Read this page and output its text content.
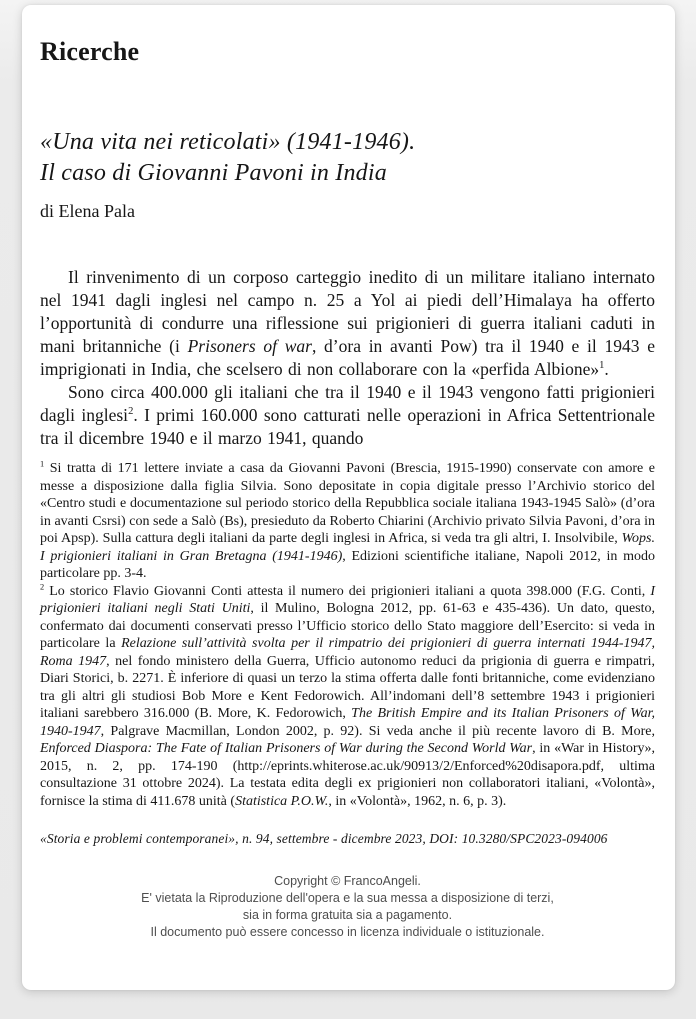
Ricerche
«Una vita nei reticolati» (1941-1946).
Il caso di Giovanni Pavoni in India
di Elena Pala

Il rinvenimento di un corposo carteggio inedito di un militare italiano internato nel 1941 dagli inglesi nel campo n. 25 a Yol ai piedi dell’Himalaya ha offerto l’opportunità di condurre una riflessione sui prigionieri di guerra italiani caduti in mani britanniche (i Prisoners of war, d’ora in avanti Pow) tra il 1940 e il 1943 e imprigionati in India, che scelsero di non collaborare con la «perfida Albione»$^1$.

Sono circa 400.000 gli italiani che tra il 1940 e il 1943 vengono fatti prigionieri dagli inglesi$^2$. I primi 160.000 sono catturati nelle operazioni in Africa Settentrionale tra il dicembre 1940 e il marzo 1941, quando

$^1$ Si tratta di 171 lettere inviate a casa da Giovanni Pavoni (Brescia, 1915-1990) conservate con amore e messe a disposizione dalla figlia Silvia. Sono depositate in copia digitale presso l’Archivio storico del «Centro studi e documentazione sul periodo storico della Repubblica sociale italiana 1943-1945 Salò» (d’ora in avanti Csrsi) con sede a Salò (Bs), presieduto da Roberto Chiarini (Archivio privato Silvia Pavoni, d’ora in poi Apsp). Sulla cattura degli italiani da parte degli inglesi in Africa, si veda tra gli altri, I. Insolvibile, Wops. I prigionieri italiani in Gran Bretagna (1941-1946), Edizioni scientifiche italiane, Napoli 2012, in modo particolare pp. 3-4.

$^2$ Lo storico Flavio Giovanni Conti attesta il numero dei prigionieri italiani a quota 398.000 (F.G. Conti, I prigionieri italiani negli Stati Uniti, il Mulino, Bologna 2012, pp. 61-63 e 435-436). Un dato, questo, confermato dai documenti conservati presso l’Ufficio storico dello Stato maggiore dell’Esercito: si veda in particolare la Relazione sull’attività svolta per il rimpatrio dei prigionieri di guerra internati 1944-1947, Roma 1947, nel fondo ministero della Guerra, Ufficio autonomo reduci da prigionia di guerra e rimpatri, Diari Storici, b. 2271. È inferiore di quasi un terzo la stima offerta dalle fonti britanniche, come evidenziano tra gli altri gli studiosi Bob More e Kent Fedorowich. All’indomani dell’8 settembre 1943 i prigionieri italiani sarebbero 316.000 (B. More, K. Fedorowich, The British Empire and its Italian Prisoners of War, 1940-1947, Palgrave Macmillan, London 2002, p. 92). Si veda anche il più recente lavoro di B. More, Enforced Diaspora: The Fate of Italian Prisoners of War during the Second World War, in «War in History», 2015, n. 2, pp. 174-190 (http://eprints.whiterose.ac.uk/90913/2/Enforced%20disapora.pdf, ultima consultazione 31 ottobre 2024). La testata edita degli ex prigionieri non collaboratori italiani, «Volontà», fornisce la stima di 411.678 unità (Statistica P.O.W., in «Volontà», 1962, n. 6, p. 3).

«Storia e problemi contemporanei», n. 94, settembre - dicembre 2023, DOI: 10.3280/SPC2023-094006
Copyright © FrancoAngeli.
E' vietata la Riproduzione dell'opera e la sua messa a disposizione di terzi,
sia in forma gratuita sia a pagamento.
Il documento può essere concesso in licenza individuale o istituzionale.
